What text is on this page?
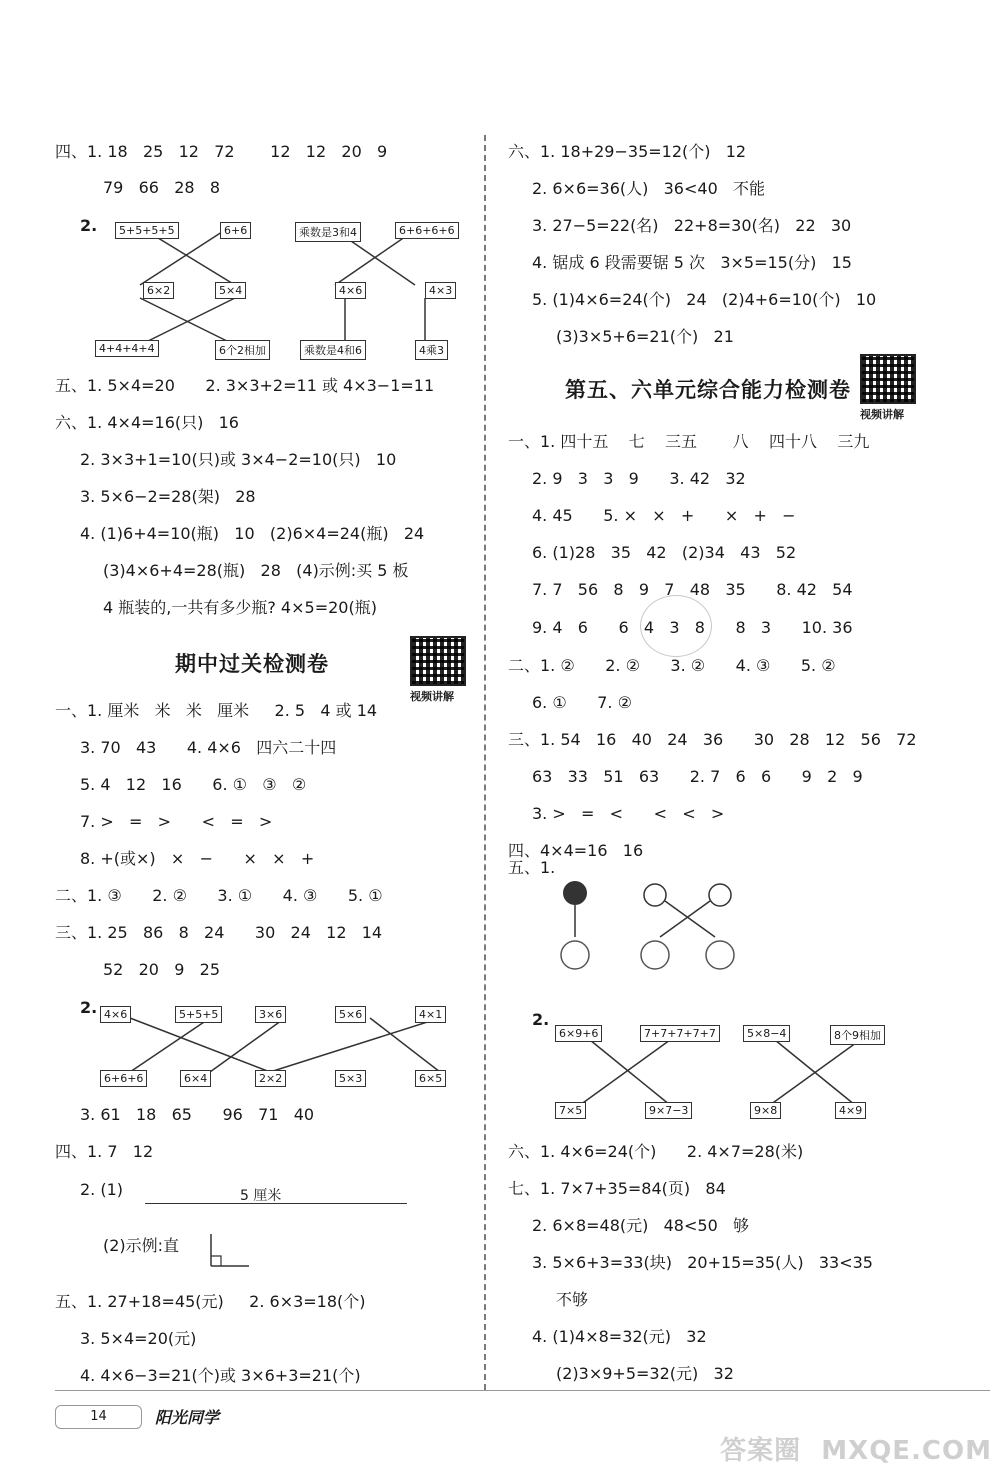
四、1. 18   25   12   72       12   12   20   9
79   66   28   8
2.	5+5+5+5	6+6
6×2	5×4
4+4+4+4	6个2相加
乘数是3和4	6+6+6+6
4×6	4×3
乘数是4和6	4乘3
五、1. 5×4=20      2. 3×3+2=11 或 4×3−1=11
六、1. 4×4=16(只)   16
2. 3×3+1=10(只)或 3×4−2=10(只)   10
3. 5×6−2=28(架)   28
4. (1)6+4=10(瓶)   10   (2)6×4=24(瓶)   24
(3)4×6+4=28(瓶)   28   (4)示例:买 5 板
4 瓶装的,一共有多少瓶? 4×5=20(瓶)
期中过关检测卷
视频讲解
一、1. 厘米   米   米   厘米     2. 5   4 或 14
3. 70   43      4. 4×6   四六二十四
5. 4   12   16      6. ①   ③   ②
7. >   =   >      <   =   >
8. +(或×)   ×   −      ×   ×   +
二、1. ③      2. ②      3. ①      4. ③      5. ①
三、1. 25   86   8   24      30   24   12   14
52   20   9   25
2. 4×6	5+5+5	3×6	5×6	4×1
6+6+6	6×4	2×2	5×3	6×5
3. 61   18   65      96   71   40
四、1. 7   12
2. (1)	5 厘米
(2)示例:直
五、1. 27+18=45(元)     2. 6×3=18(个)
3. 5×4=20(元)
4. 4×6−3=21(个)或 3×6+3=21(个)
六、1. 18+29−35=12(个)   12
2. 6×6=36(人)   36<40   不能
3. 27−5=22(名)   22+8=30(名)   22   30
4. 锯成 6 段需要锯 5 次   3×5=15(分)   15
5. (1)4×6=24(个)   24   (2)4+6=10(个)   10
(3)3×5+6=21(个)   21
第五、六单元综合能力检测卷
视频讲解
一、1. 四十五    七    三五       八    四十八    三九
2. 9   3   3   9      3. 42   32
4. 45      5. ×   ×   +      ×   +   −
6. (1)28   35   42   (2)34   43   52
7. 7   56   8   9   7   48   35      8. 42   54
9. 4   6      6   4   3   8      8   3      10. 36
二、1. ②      2. ②      3. ②      4. ③      5. ②
6. ①      7. ②
三、1. 54   16   40   24   36      30   28   12   56   72
63   33   51   63      2. 7   6   6      9   2   9
3. >   =   <      <   <   >
四、4×4=16   16
五、1.
2.
6×9+6	7+7+7+7+7	5×8−4	8个9相加
7×5	9×7−3	9×8	4×9
六、1. 4×6=24(个)      2. 4×7=28(米)
七、1. 7×7+35=84(页)   84
2. 6×8=48(元)   48<50   够
3. 5×6+3=33(块)   20+15=35(人)   33<35
不够
4. (1)4×8=32(元)   32
(2)3×9+5=32(元)   32
14	阳光同学
答案圈  MXQE.COM
